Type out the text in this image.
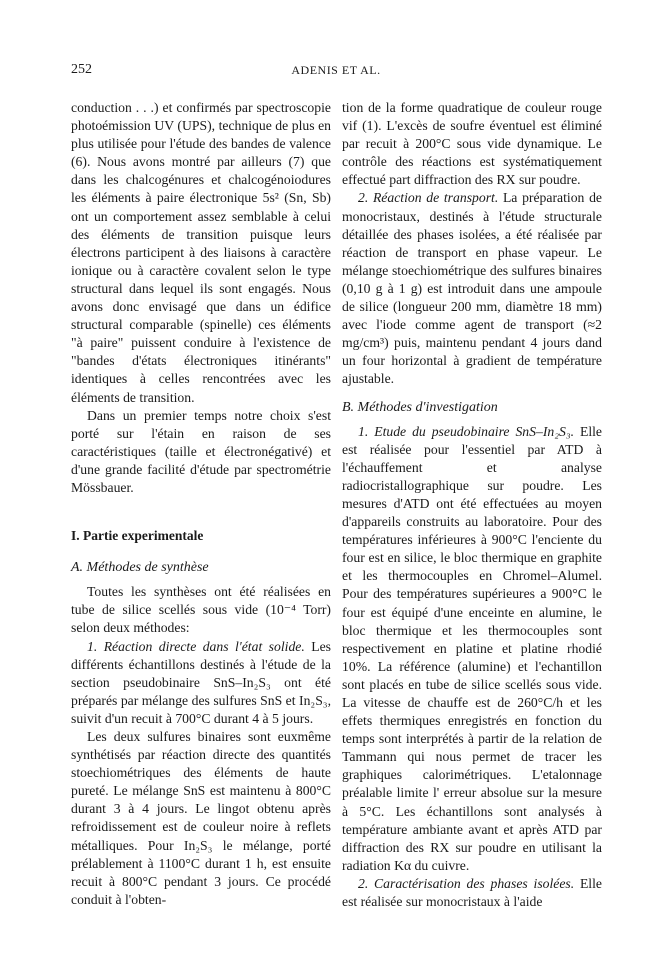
252	ADENIS ET AL.

conduction . . .) et confirmés par spectroscopie photoémission UV (UPS), technique de plus en plus utilisée pour l'étude des bandes de valence (6). Nous avons montré par ailleurs (7) que dans les chalcogénures et chalcogénoiodures les éléments à paire électronique 5s² (Sn, Sb) ont un comportement assez semblable à celui des éléments de transition puisque leurs électrons participent à des liaisons à caractère ionique ou à caractère covalent selon le type structural dans lequel ils sont engagés. Nous avons donc envisagé que dans un édifice structural comparable (spinelle) ces éléments "à paire" puissent conduire à l'existence de "bandes d'états électroniques itinérants" identiques à celles rencontrées avec les éléments de transition.

Dans un premier temps notre choix s'est porté sur l'étain en raison de ses caractéristiques (taille et électronégativé) et d'une grande facilité d'étude par spectrométrie Mössbauer.

I. Partie experimentale
A. Méthodes de synthèse

Toutes les synthèses ont été réalisées en tube de silice scellés sous vide (10⁻⁴ Torr) selon deux méthodes:

1. Réaction directe dans l'état solide. Les différents échantillons destinés à l'étude de la section pseudobinaire SnS–In₂S₃ ont été préparés par mélange des sulfures SnS et In₂S₃, suivit d'un recuit à 700°C durant 4 à 5 jours.

Les deux sulfures binaires sont euxmême synthétisés par réaction directe des quantités stoechiométriques des éléments de haute pureté. Le mélange SnS est maintenu à 800°C durant 3 à 4 jours. Le lingot obtenu après refroidissement est de couleur noire à reflets métalliques. Pour In₂S₃ le mélange, porté prélablement à 1100°C durant 1 h, est ensuite recuit à 800°C pendant 3 jours. Ce procédé conduit à l'obten-

tion de la forme quadratique de couleur rouge vif (1). L'excès de soufre éventuel est éliminé par recuit à 200°C sous vide dynamique. Le contrôle des réactions est systématiquement effectué part diffraction des RX sur poudre.

2. Réaction de transport. La préparation de monocristaux, destinés à l'étude structurale détaillée des phases isolées, a été réalisée par réaction de transport en phase vapeur. Le mélange stoechiométrique des sulfures binaires (0,10 g à 1 g) est introduit dans une ampoule de silice (longueur 200 mm, diamètre 18 mm) avec l'iode comme agent de transport (≈2 mg/cm³) puis, maintenu pendant 4 jours dand un four horizontal à gradient de température ajustable.

B. Méthodes d'investigation

1. Etude du pseudobinaire SnS–In₂S₃. Elle est réalisée pour l'essentiel par ATD à l'échauffement et analyse radiocristallographique sur poudre. Les mesures d'ATD ont été effectuées au moyen d'appareils construits au laboratoire. Pour des températures inférieures à 900°C l'enciente du four est en silice, le bloc thermique en graphite et les thermocouples en Chromel–Alumel. Pour des températures supérieures a 900°C le four est équipé d'une enceinte en alumine, le bloc thermique et les thermocouples sont respectivement en platine et platine rhodié 10%. La référence (alumine) et l'echantillon sont placés en tube de silice scellés sous vide. La vitesse de chauffe est de 260°C/h et les effets thermiques enregistrés en fonction du temps sont interprétés à partir de la relation de Tammann qui nous permet de tracer les graphiques calorimétriques. L'etalonnage préalable limite l' erreur absolue sur la mesure à 5°C. Les échantillons sont analysés à température ambiante avant et après ATD par diffraction des RX sur poudre en utilisant la radiation Kα du cuivre.

2. Caractérisation des phases isolées. Elle est réalisée sur monocristaux à l'aide
